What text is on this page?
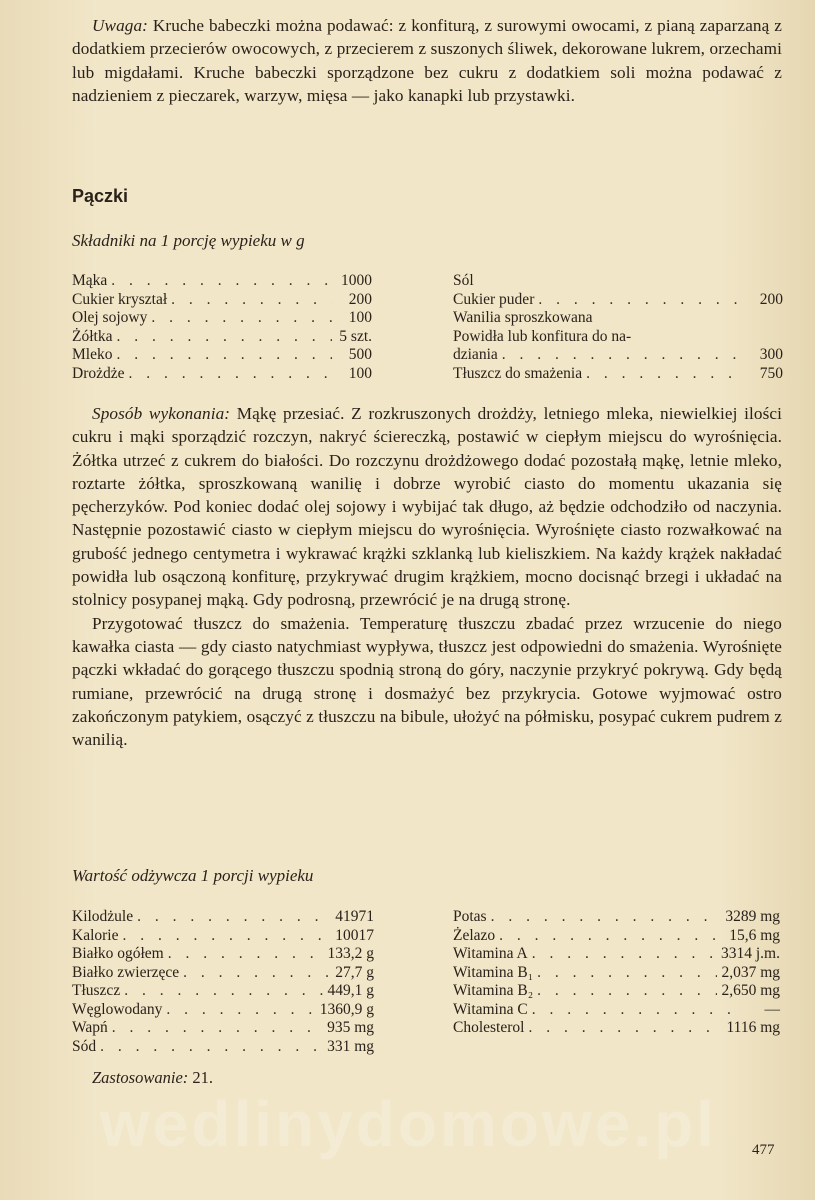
Uwaga: Kruche babeczki można podawać: z konfiturą, z surowymi owocami, z pianą zaparzaną z dodatkiem przecierów owocowych, z przecierem z suszonych śliwek, dekorowane lukrem, orzechami lub migdałami. Kruche babeczki sporządzone bez cukru z dodatkiem soli można podawać z nadzieniem z pieczarek, warzyw, mięsa — jako kanapki lub przystawki.

Pączki
Składniki na 1 porcję wypieku w g
Mąka . . .	1000
Cukier kryształ . . .	200
Olej sojowy . . .	100
Żółtka . . .	5 szt.
Mleko . . .	500
Drożdże . . .	100
Sól
Cukier puder . . .	200
Wanilia sproszkowana
Powidła lub konfitura do na-
dziania . . .	300
Tłuszcz do smażenia . . .	750

Sposób wykonania: Mąkę przesiać. Z rozkruszonych drożdży, letniego mleka, niewielkiej ilości cukru i mąki sporządzić rozczyn, nakryć ściereczką, postawić w ciepłym miejscu do wyrośnięcia. Żółtka utrzeć z cukrem do białości. Do rozczynu drożdżowego dodać pozostałą mąkę, letnie mleko, roztarte żółtka, sproszkowaną wanilię i dobrze wyrobić ciasto do momentu ukazania się pęcherzyków. Pod koniec dodać olej sojowy i wybijać tak długo, aż będzie odchodziło od naczynia. Następnie pozostawić ciasto w ciepłym miejscu do wyrośnięcia. Wyrośnięte ciasto rozwałkować na grubość jednego centymetra i wykrawać krążki szklanką lub kieliszkiem. Na każdy krążek nakładać powidła lub osączoną konfiturę, przykrywać drugim krążkiem, mocno docisnąć brzegi i układać na stolnicy posypanej mąką. Gdy podrosną, przewrócić je na drugą stronę.

Przygotować tłuszcz do smażenia. Temperaturę tłuszczu zbadać przez wrzucenie do niego kawałka ciasta — gdy ciasto natychmiast wypływa, tłuszcz jest odpowiedni do smażenia. Wyrośnięte pączki wkładać do gorącego tłuszczu spodnią stroną do góry, naczynie przykryć pokrywą. Gdy będą rumiane, przewrócić na drugą stronę i dosmażyć bez przykrycia. Gotowe wyjmować ostro zakończonym patykiem, osączyć z tłuszczu na bibule, ułożyć na półmisku, posypać cukrem pudrem z wanilią.

Wartość odżywcza 1 porcji wypieku
Kilodżule . . .	41971
Kalorie . . .	10017
Białko ogółem . . .	133,2 g
Białko zwierzęce . . .	27,7 g
Tłuszcz . . .	449,1 g
Węglowodany . . .	1360,9 g
Wapń . . .	935 mg
Sód . . .	331 mg
Potas . . .	3289 mg
Żelazo . . .	15,6 mg
Witamina A . . .	3314 j.m.
Witamina B₁ . . .	2,037 mg
Witamina B₂ . . .	2,650 mg
Witamina C . . .	—
Cholesterol . . .	1116 mg
Zastosowanie: 21.
wedlinydomowe.pl 477
